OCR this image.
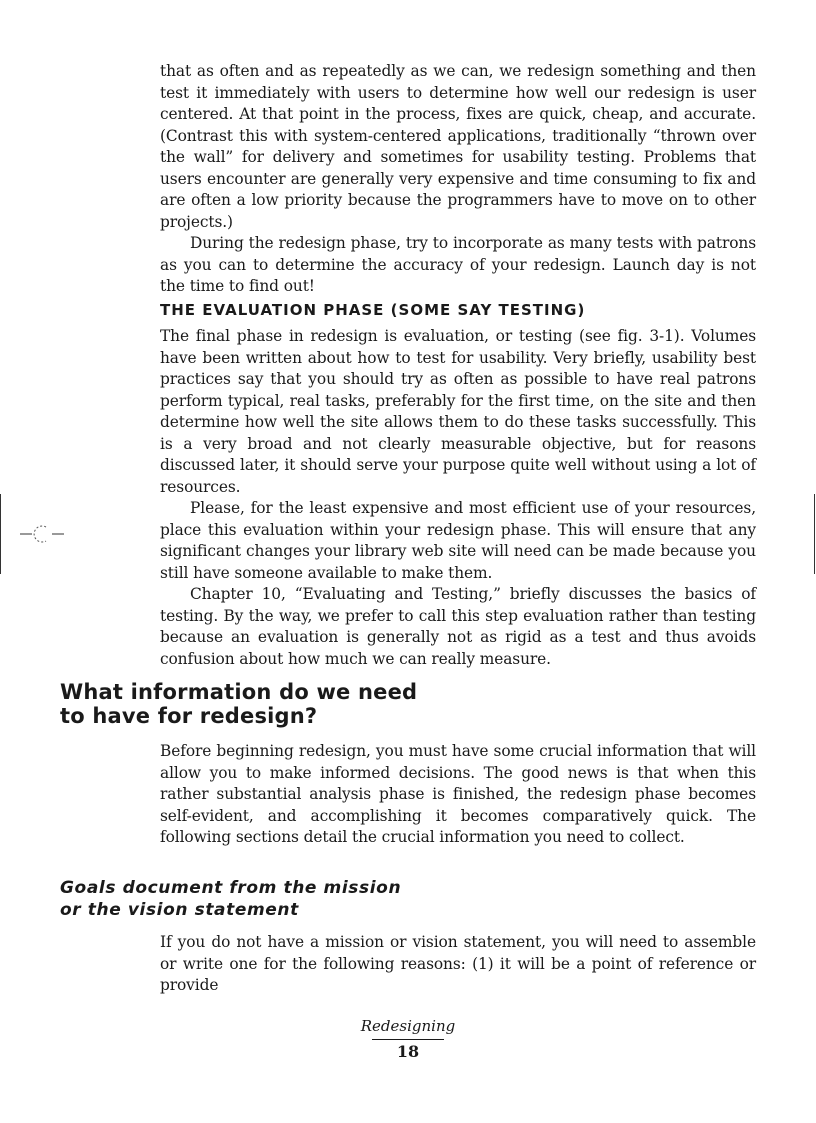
that as often and as repeatedly as we can, we redesign something and then test it immediately with users to determine how well our redesign is user centered. At that point in the process, fixes are quick, cheap, and accurate. (Contrast this with system-centered applications, traditionally “thrown over the wall” for delivery and sometimes for usability testing. Problems that users encounter are generally very expensive and time consuming to fix and are often a low priority because the programmers have to move on to other projects.)

During the redesign phase, try to incorporate as many tests with patrons as you can to determine the accuracy of your redesign. Launch day is not the time to find out!

THE EVALUATION PHASE (SOME SAY TESTING)

The final phase in redesign is evaluation, or testing (see fig. 3-1). Volumes have been written about how to test for usability. Very briefly, usability best practices say that you should try as often as possible to have real patrons perform typical, real tasks, preferably for the first time, on the site and then determine how well the site allows them to do these tasks successfully. This is a very broad and not clearly measurable objective, but for reasons discussed later, it should serve your purpose quite well without using a lot of resources.

Please, for the least expensive and most efficient use of your resources, place this evaluation within your redesign phase. This will ensure that any significant changes your library web site will need can be made because you still have someone available to make them.

Chapter 10, “Evaluating and Testing,” briefly discusses the basics of testing. By the way, we prefer to call this step evaluation rather than testing because an evaluation is generally not as rigid as a test and thus avoids confusion about how much we can really measure.

What information do we need
to have for redesign?

Before beginning redesign, you must have some crucial information that will allow you to make informed decisions. The good news is that when this rather substantial analysis phase is finished, the redesign phase becomes self-evident, and accomplishing it becomes comparatively quick. The following sections detail the crucial information you need to collect.

Goals document from the mission
or the vision statement

If you do not have a mission or vision statement, you will need to assemble or write one for the following reasons: (1) it will be a point of reference or provide

Redesigning
18
